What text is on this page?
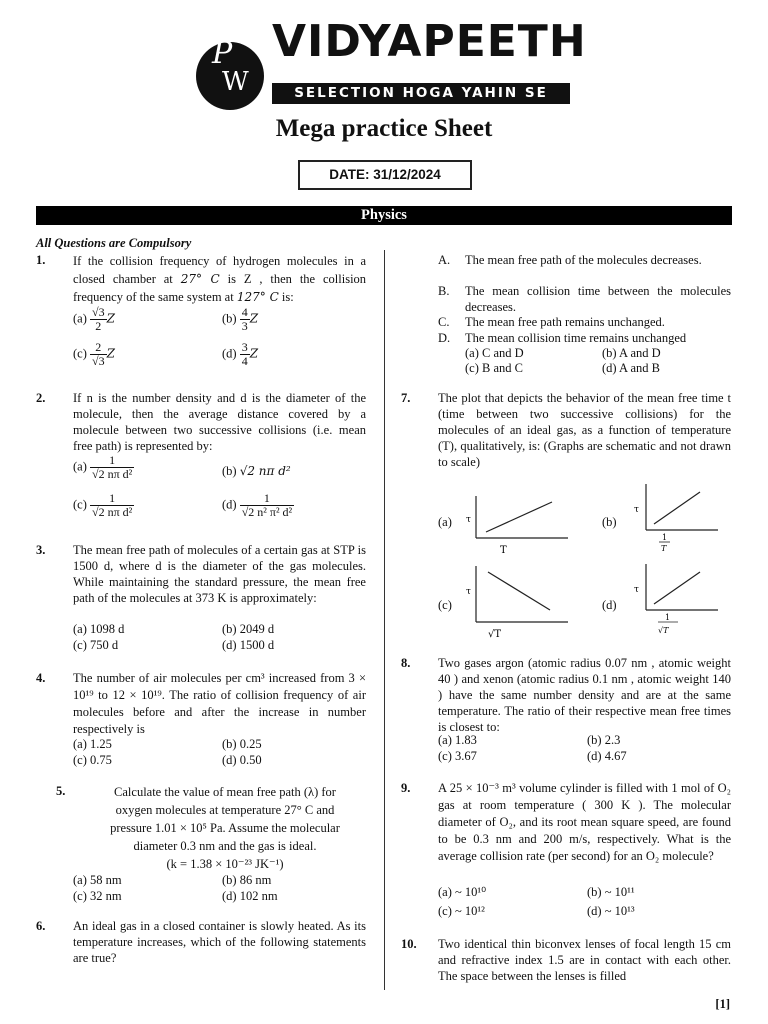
P
W
VIDYAPEETH
SELECTION HOGA YAHIN SE
Mega practice Sheet
DATE: 31/12/2024
Physics
All Questions are Compulsory
1. If the collision frequency of hydrogen molecules in a closed chamber at 27° C is Z , then the collision frequency of the same system at 127° C is:
$(a) \frac{√3}{2}$ Z	$(b) \frac{4}{3}$ Z
$(c) \frac{2}{√3}$ Z	$(d) \frac{3}{4}$ Z
2. If n is the number density and d is the diameter of the molecule, then the average distance covered by a molecule between two successive collisions (i.e. mean free path) is represented by:
$(a) \frac{1}{\text{√2 nπ d²}}$	(b) √2 nπ d²
$(c) \frac{1}{\text{√2 nπ d²}}$	$(d) \frac{1}{\text{√2 n² π² d²}}$
3. The mean free path of molecules of a certain gas at STP is 1500 d, where d is the diameter of the gas molecules. While maintaining the standard pressure, the mean free path of the molecules at 373 K is approximately:
(a) 1098 d	(b) 2049 d
(c) 750 d	(d) 1500 d
4. The number of air molecules per cm³ increased from 3 × 10¹⁹ to 12 × 10¹⁹. The ratio of collision frequency of air molecules before and after the increase in number respectively is
(a) 1.25	(b) 0.25
(c) 0.75	(d) 0.50
5.	Calculate the value of mean free path (λ) for
oxygen molecules at temperature 27° C and
pressure 1.01 × 10⁵ Pa. Assume the molecular
diameter 0.3 nm and the gas is ideal.
(k = 1.38 × 10⁻²³ JK⁻¹)
(a) 58 nm	(b) 86 nm
(c) 32 nm	(d) 102 nm
6. An ideal gas in a closed container is slowly heated. As its temperature increases, which of the following statements are true?
A. The mean free path of the molecules decreases.
B. The mean collision time between the molecules decreases.
C. The mean free path remains unchanged.
D. The mean collision time remains unchanged
(a) C and D	(b) A and D
(c) B and C	(d) A and B
7. The plot that depicts the behavior of the mean free time t (time between two successive collisions) for the molecules of an ideal gas, as a function of temperature (T), qualitatively, is: (Graphs are schematic and not drawn to scale)
(a) τ
T
(b)
τ
1
T
(c)
τ
√T
(d)
τ
1
√T
8. Two gases argon (atomic radius 0.07 nm , atomic weight 40 ) and xenon (atomic radius 0.1 nm , atomic weight 140 ) have the same number density and are at the same temperature. The ratio of their respective mean free times is closest to:
(a) 1.83	(b) 2.3
(c) 3.67	(d) 4.67
9. A 25 × 10⁻³ m³ volume cylinder is filled with 1 mol of O₂ gas at room temperature ( 300 K ). The molecular diameter of O₂, and its root mean square speed, are found to be 0.3 nm and 200 m/s, respectively. What is the average collision rate (per second) for an O₂ molecule?
(a) ~ 10¹⁰	(b) ~ 10¹¹
(c) ~ 10¹²	(d) ~ 10¹³
10. Two identical thin biconvex lenses of focal length 15 cm and refractive index 1.5 are in contact with each other. The space between the lenses is filled
[1]
